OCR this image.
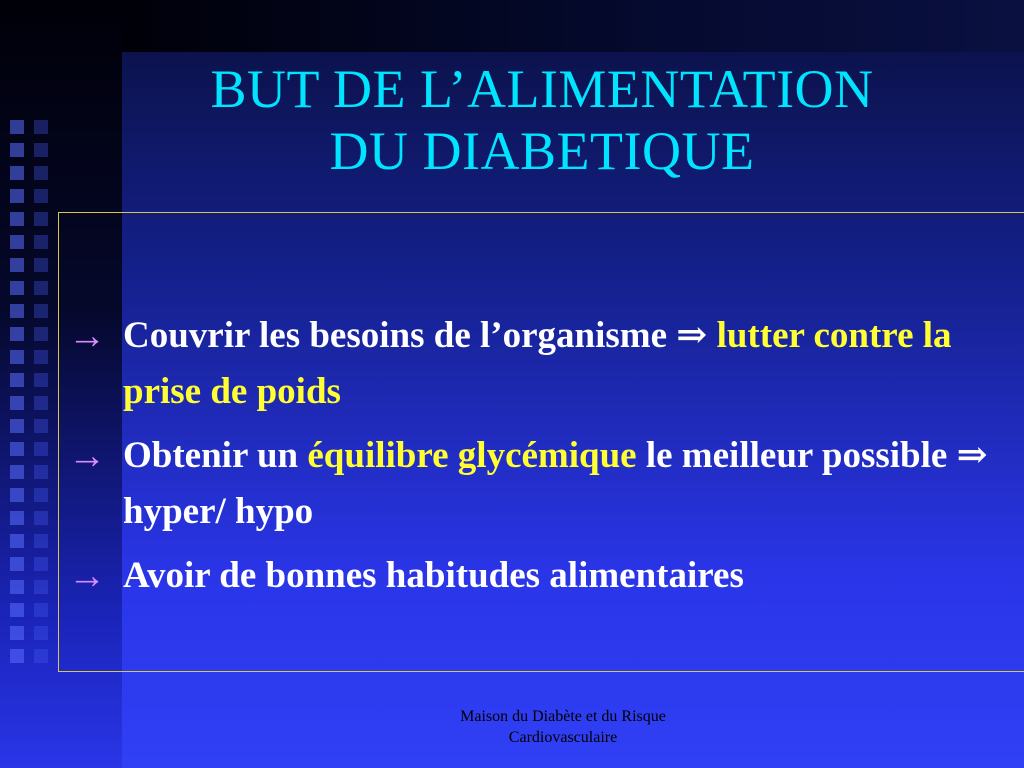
BUT DE L’ALIMENTATION
DU DIABETIQUE
→ Couvrir les besoins de l’organisme ⇒ lutter contre la prise de poids
→ Obtenir un équilibre glycémique le meilleur possible ⇒ hyper/ hypo
→ Avoir de bonnes habitudes alimentaires
Maison du Diabète et du Risque
Cardiovasculaire
